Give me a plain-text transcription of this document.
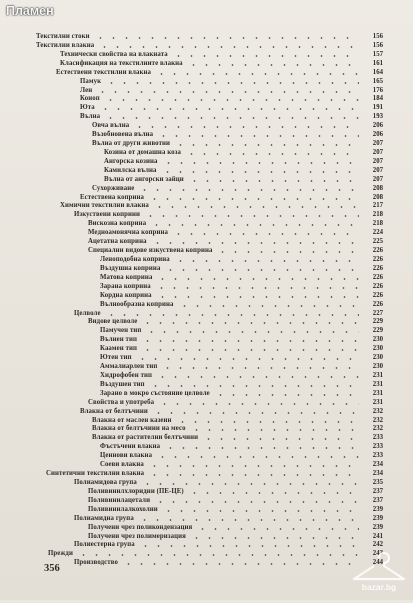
Пламен
Текстилни стоки	156
Текстилни влакна	156
Технически свойства на влакната	157
Класификация на текстилните влакна	161
Естествени текстилни влакна	164
Памук	165
Лен	176
Коноп	184
Юта	191
Вълна	193
Овча вълна	206
Възобновена вълна	206
Вълна от други животни	207
Козина от домашна коза	207
Ангорска козина	207
Камилска вълна	207
Вълна от ангорски зайци	207
Сухорживане	208
Естествена коприна	208
Химични текстилни влакна	217
Изкуствени коприни	218
Вискозна коприна	218
Медноамонячна коприна	224
Ацетатна коприна	225
Специални видове изкуствена коприна	226
Ленoподобна коприна	226
Въздушна коприна	226
Матова коприна	226
Зарана коприна	226
Кордна коприна	226
Вълнообразна коприна	226
Целволе	227
Видове целволе	229
Памучен тип	229
Вълнен тип	230
Каамен тип	230
Ютен тип	230
Аммалиарлен тип	230
Хидрофобен тип	231
Въздушен тип	231
Зарано в мокро състояние целволе	231
Свойства и употреба	231
Влакна от белтъчини	232
Влакна от маслен казеин	232
Влакна от белтъчини на месо	232
Влакна от растителни белтъчини	233
Фъстъчени влакна	233
Ценнови влакна	233
Соеви влакна	234
Синтетични текстилни влакна	234
Полиамидова група	235
Поливинилхлоридни (ПЕ-ЦЕ)	237
Поливинилацетали	237
Поливинилалкохолни	239
Полиамидна група	239
Получени чрез поликондензация	239
Получени чрез полимеризация	241
Полиестерна група	242
Прежди	243
Производство	244
356
bazar.bg
